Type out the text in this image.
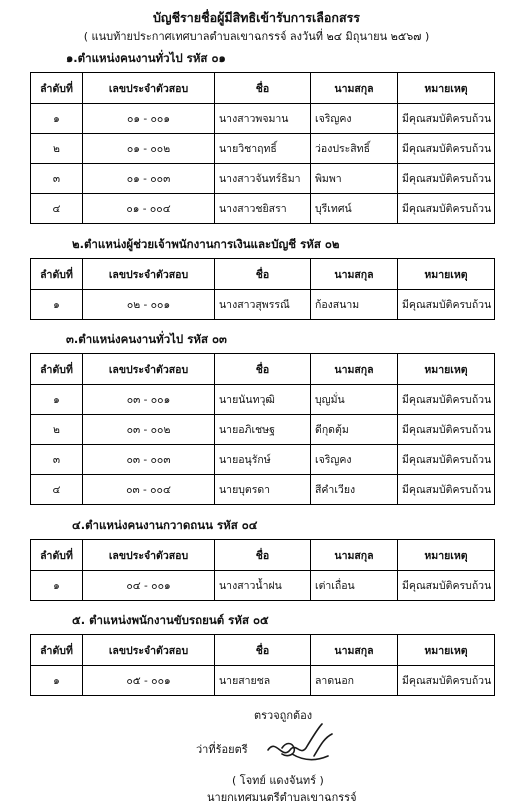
บัญชีรายชื่อผู้มีสิทธิเข้ารับการเลือกสรร
( แนบท้ายประกาศเทศบาลตำบลเขาฉกรรจ์ ลงวันที่ ๒๔ มิถุนายน ๒๕๖๗ )
๑.ตำแหน่งคนงานทั่วไป รหัส ๐๑
ลำดับที่	เลขประจำตัวสอบ	ชื่อ	นามสกุล	หมายเหตุ
๑	๐๑ - ๐๐๑	นางสาวพจมาน	เจริญคง	มีคุณสมบัติครบถ้วน
๒	๐๑ - ๐๐๒	นายวิชาฤทธิ์	ว่องประสิทธิ์	มีคุณสมบัติครบถ้วน
๓	๐๑ - ๐๐๓	นางสาวจันทร์ธิมา	พิมพา	มีคุณสมบัติครบถ้วน
๔	๐๑ - ๐๐๔	นางสาวชยิสรา	บุรีเทศน์	มีคุณสมบัติครบถ้วน
๒.ตำแหน่งผู้ช่วยเจ้าพนักงานการเงินและบัญชี รหัส ๐๒
ลำดับที่	เลขประจำตัวสอบ	ชื่อ	นามสกุล	หมายเหตุ
๑	๐๒ - ๐๐๑	นางสาวสุพรรณี	ก้องสนาม	มีคุณสมบัติครบถ้วน
๓.ตำแหน่งคนงานทั่วไป รหัส ๐๓
ลำดับที่	เลขประจำตัวสอบ	ชื่อ	นามสกุล	หมายเหตุ
๑	๐๓ - ๐๐๑	นายนันทวุฒิ	บุญมั่น	มีคุณสมบัติครบถ้วน
๒	๐๓ - ๐๐๒	นายอภิเชษฐ	ดีกุดตุ้ม	มีคุณสมบัติครบถ้วน
๓	๐๓ - ๐๐๓	นายอนุรักษ์	เจริญคง	มีคุณสมบัติครบถ้วน
๔	๐๓ - ๐๐๔	นายบุตรดา	สีคำเวียง	มีคุณสมบัติครบถ้วน
๔.ตำแหน่งคนงานกวาดถนน รหัส ๐๔
ลำดับที่	เลขประจำตัวสอบ	ชื่อ	นามสกุล	หมายเหตุ
๑	๐๔ - ๐๐๑	นางสาวน้ำฝน	เต่าเถื่อน	มีคุณสมบัติครบถ้วน
๕. ตำแหน่งพนักงานขับรถยนต์ รหัส ๐๕
ลำดับที่	เลขประจำตัวสอบ	ชื่อ	นามสกุล	หมายเหตุ
๑	๐๕ - ๐๐๑	นายสายชล	ลาดนอก	มีคุณสมบัติครบถ้วน
ตรวจถูกต้อง
ว่าที่ร้อยตรี
( โจทย์ แดงจันทร์ )
นายกเทศมนตรีตำบลเขาฉกรรจ์
